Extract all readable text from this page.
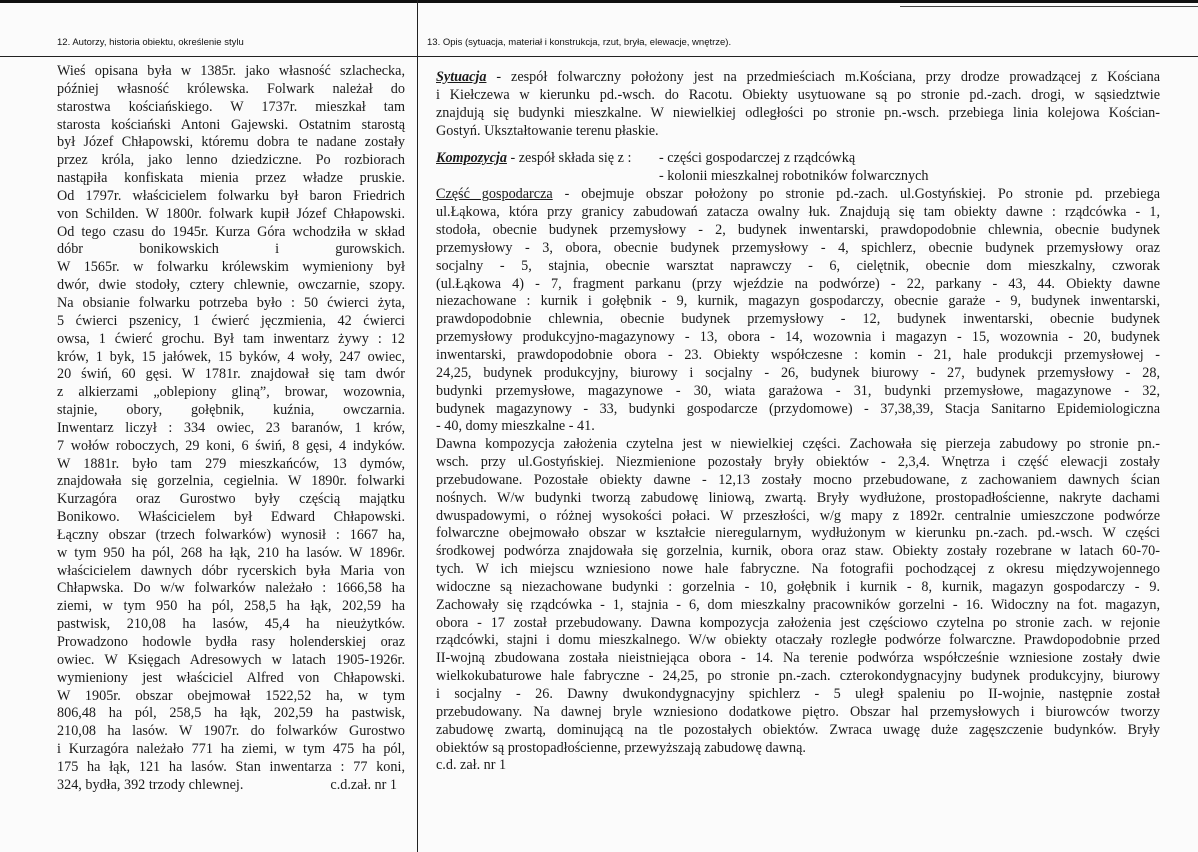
12. Autorzy, historia obiektu, określenie stylu	13. Opis (sytuacja, materiał i konstrukcja, rzut, bryła, elewacje, wnętrze).
Wieś opisana była w 1385r. jako własność szlachecka,
później własność królewska. Folwark należał do
starostwa kościańskiego. W 1737r. mieszkał tam
starosta kościański Antoni Gajewski. Ostatnim starostą
był Józef Chłapowski, któremu dobra te nadane zostały
przez króla, jako lenno dziedziczne. Po rozbiorach
nastąpiła konfiskata mienia przez władze pruskie.
Od 1797r. właścicielem folwarku był baron Friedrich
von Schilden. W 1800r. folwark kupił Józef Chłapowski.
Od tego czasu do 1945r. Kurza Góra wchodziła w skład
dóbr bonikowskich i gurowskich.
W 1565r. w folwarku królewskim wymieniony był
dwór, dwie stodoły, cztery chlewnie, owczarnie, szopy.
Na obsianie folwarku potrzeba było : 50 ćwierci żyta,
5 ćwierci pszenicy, 1 ćwierć jęczmienia, 42 ćwierci
owsa, 1 ćwierć grochu. Był tam inwentarz żywy : 12
krów, 1 byk, 15 jałówek, 15 byków, 4 woły, 247 owiec,
20 świń, 60 gęsi. W 1781r. znajdował się tam dwór
z alkierzami „oblepiony gliną”, browar, wozownia,
stajnie, obory, gołębnik, kuźnia, owczarnia.
Inwentarz liczył : 334 owiec, 23 baranów, 1 krów,
7 wołów roboczych, 29 koni, 6 świń, 8 gęsi, 4 indyków.
W 1881r. było tam 279 mieszkańców, 13 dymów,
znajdowała się gorzelnia, cegielnia. W 1890r. folwarki
Kurzagóra oraz Gurostwo były częścią majątku
Bonikowo. Właścicielem był Edward Chłapowski.
Łączny obszar (trzech folwarków) wynosił : 1667 ha,
w tym 950 ha pól, 268 ha łąk, 210 ha lasów. W 1896r.
właścicielem dawnych dóbr rycerskich była Maria von
Chłapwska. Do w/w folwarków należało : 1666,58 ha
ziemi, w tym 950 ha pól, 258,5 ha łąk, 202,59 ha
pastwisk, 210,08 ha lasów, 45,4 ha nieużytków.
Prowadzono hodowle bydła rasy holenderskiej oraz
owiec. W Księgach Adresowych w latach 1905-1926r.
wymieniony jest właściciel Alfred von Chłapowski.
W 1905r. obszar obejmował 1522,52 ha, w tym
806,48 ha pól, 258,5 ha łąk, 202,59 ha pastwisk,
210,08 ha lasów. W 1907r. do folwarków Gurostwo
i Kurzagóra należało 771 ha ziemi, w tym 475 ha pól,
175 ha łąk, 121 ha lasów. Stan inwentarza : 77 koni,
324, bydła, 392 trzody chlewnej.	c.d.zał. nr 1
Sytuacja - zespół folwarczny położony jest na przedmieściach m.Kościana, przy drodze prowadzącej z Kościana
i Kiełczewa w kierunku pd.-wsch. do Racotu. Obiekty usytuowane są po stronie pd.-zach. drogi, w sąsiedztwie
znajdują się budynki mieszkalne. W niewielkiej odległości po stronie pn.-wsch. przebiega linia kolejowa Kościan-
Gostyń. Ukształtowanie terenu płaskie.
Kompozycja - zespół składa się z : - części gospodarczej z rządcówką
- kolonii mieszkalnej robotników folwarcznych
Część gospodarcza - obejmuje obszar położony po stronie pd.-zach. ul.Gostyńskiej. Po stronie pd. przebiega
ul.Łąkowa, która przy granicy zabudowań zatacza owalny łuk. Znajdują się tam obiekty dawne : rządcówka - 1,
stodoła, obecnie budynek przemysłowy - 2, budynek inwentarski, prawdopodobnie chlewnia, obecnie budynek
przemysłowy - 3, obora, obecnie budynek przemysłowy - 4, spichlerz, obecnie budynek przemysłowy oraz
socjalny - 5, stajnia, obecnie warsztat naprawczy - 6, cielętnik, obecnie dom mieszkalny, czworak
(ul.Łąkowa 4) - 7, fragment parkanu (przy wjeździe na podwórze) - 22, parkany - 43, 44. Obiekty dawne
niezachowane : kurnik i gołębnik - 9, kurnik, magazyn gospodarczy, obecnie garaże - 9, budynek inwentarski,
prawdopodobnie chlewnia, obecnie budynek przemysłowy - 12, budynek inwentarski, obecnie budynek
przemysłowy produkcyjno-magazynowy - 13, obora - 14, wozownia i magazyn - 15, wozownia - 20, budynek
inwentarski, prawdopodobnie obora - 23. Obiekty współczesne : komin - 21, hale produkcji przemysłowej -
24,25, budynek produkcyjny, biurowy i socjalny - 26, budynek biurowy - 27, budynek przemysłowy - 28,
budynki przemysłowe, magazynowe - 30, wiata garażowa - 31, budynki przemysłowe, magazynowe - 32,
budynek magazynowy - 33, budynki gospodarcze (przydomowe) - 37,38,39, Stacja Sanitarno Epidemiologiczna
- 40, domy mieszkalne - 41.
Dawna kompozycja założenia czytelna jest w niewielkiej części. Zachowała się pierzeja zabudowy po stronie pn.-
wsch. przy ul.Gostyńskiej. Niezmienione pozostały bryły obiektów - 2,3,4. Wnętrza i część elewacji zostały
przebudowane. Pozostałe obiekty dawne - 12,13 zostały mocno przebudowane, z zachowaniem dawnych ścian
nośnych. W/w budynki tworzą zabudowę liniową, zwartą. Bryły wydłużone, prostopadłościenne, nakryte dachami
dwuspadowymi, o różnej wysokości połaci. W przeszłości, w/g mapy z 1892r. centralnie umieszczone podwórze
folwarczne obejmowało obszar w kształcie nieregularnym, wydłużonym w kierunku pn.-zach. pd.-wsch. W części
środkowej podwórza znajdowała się gorzelnia, kurnik, obora oraz staw. Obiekty zostały rozebrane w latach 60-70-
tych. W ich miejscu wzniesiono nowe hale fabryczne. Na fotografii pochodzącej z okresu międzywojennego
widoczne są niezachowane budynki : gorzelnia - 10, gołębnik i kurnik - 8, kurnik, magazyn gospodarczy - 9.
Zachowały się rządcówka - 1, stajnia - 6, dom mieszkalny pracowników gorzelni - 16. Widoczny na fot. magazyn,
obora - 17 został przebudowany. Dawna kompozycja założenia jest częściowo czytelna po stronie zach. w rejonie
rządcówki, stajni i domu mieszkalnego. W/w obiekty otaczały rozległe podwórze folwarczne. Prawdopodobnie przed
II-wojną zbudowana została nieistniejąca obora - 14. Na terenie podwórza współcześnie wzniesione zostały dwie
wielkokubaturowe hale fabryczne - 24,25, po stronie pn.-zach. czterokondygnacyjny budynek produkcyjny, biurowy
i socjalny - 26. Dawny dwukondygnacyjny spichlerz - 5 uległ spaleniu po II-wojnie, następnie został
przebudowany. Na dawnej bryle wzniesiono dodatkowe piętro. Obszar hal przemysłowych i biurowców tworzy
zabudowę zwartą, dominującą na tle pozostałych obiektów. Zwraca uwagę duże zagęszczenie budynków. Bryły
obiektów są prostopadłościenne, przewyższają zabudowę dawną.
c.d. zał. nr 1
